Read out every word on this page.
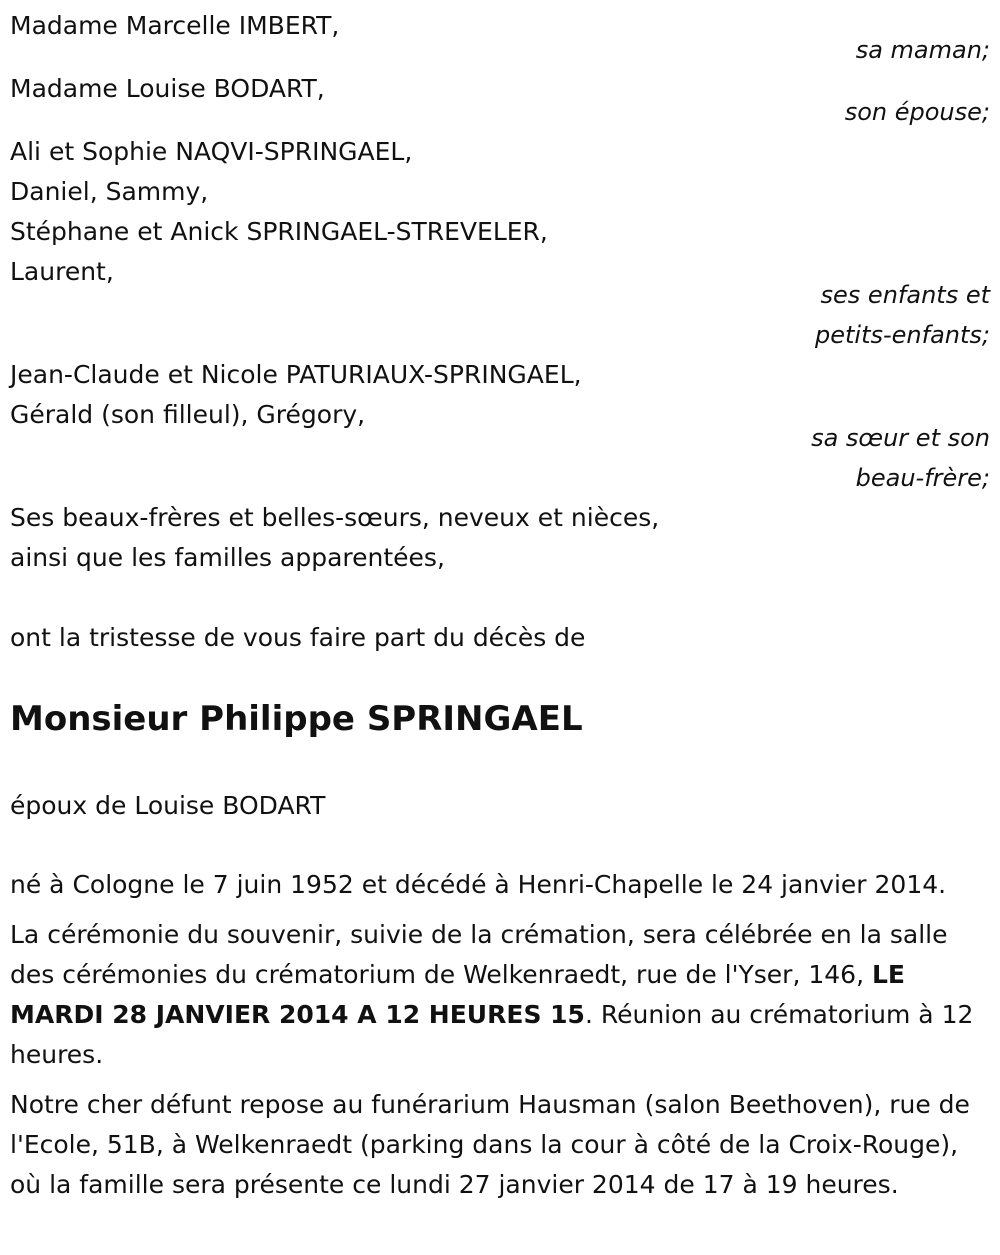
Madame Marcelle IMBERT,
sa maman;
Madame Louise BODART,
son épouse;
Ali et Sophie NAQVI-SPRINGAEL,
Daniel, Sammy,
Stéphane et Anick SPRINGAEL-STREVELER,
Laurent,
ses enfants et
petits-enfants;
Jean-Claude et Nicole PATURIAUX-SPRINGAEL,
Gérald (son filleul), Grégory,
sa sœur et son
beau-frère;
Ses beaux-frères et belles-sœurs, neveux et nièces,
ainsi que les familles apparentées,
ont la tristesse de vous faire part du décès de
Monsieur Philippe SPRINGAEL
époux de Louise BODART
né à Cologne le 7 juin 1952 et décédé à Henri-Chapelle le 24 janvier 2014.
La cérémonie du souvenir, suivie de la crémation, sera célébrée en la salle des cérémonies du crématorium de Welkenraedt, rue de l'Yser, 146, LE MARDI 28 JANVIER 2014 A 12 HEURES 15. Réunion au crématorium à 12 heures.
Notre cher défunt repose au funérarium Hausman (salon Beethoven), rue de l'Ecole, 51B, à Welkenraedt (parking dans la cour à côté de la Croix-Rouge), où la famille sera présente ce lundi 27 janvier 2014 de 17 à 19 heures.
